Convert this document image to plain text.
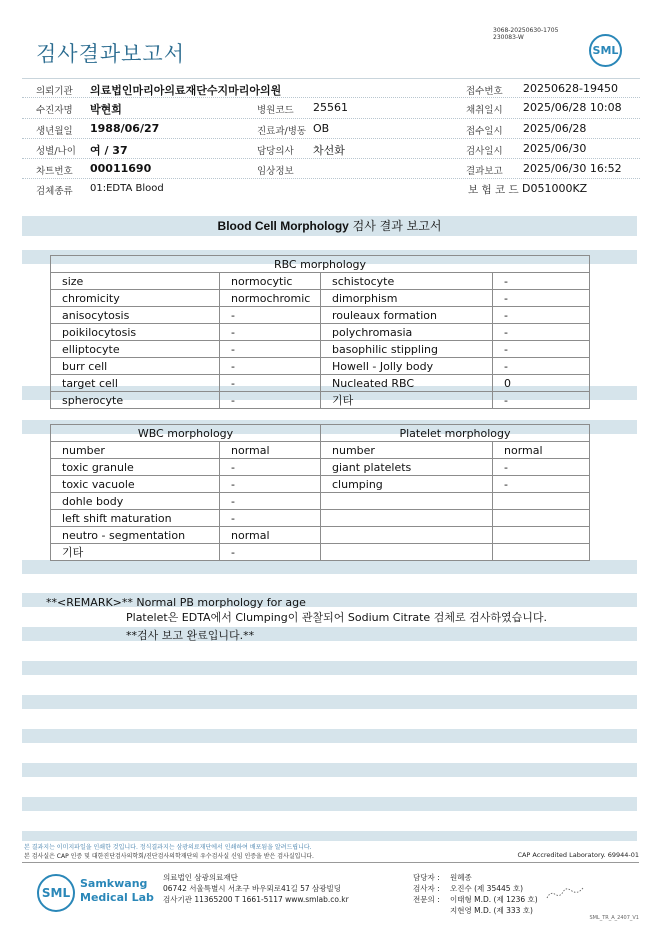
검사결과보고서
3068-20250630-1705
230083-W
SML
의뢰기관 의료법인마리아의료재단수지마리아의원	접수번호 20250628-19450
수진자명 박현희	병원코드 25561	채취일시 2025/06/28 10:08
생년월일 1988/06/27	진료과/병동 OB	접수일시 2025/06/28
성별/나이 여 / 37	담당의사 차선화	검사일시 2025/06/30
차트번호 00011690	임상정보	결과보고 2025/06/30 16:52
검체종류 01:EDTA Blood	보 험 코 드 D051000KZ
Blood Cell Morphology 검사 결과 보고서
RBC morphology			
size	normocytic	schistocyte	-
chromicity	normochromic	dimorphism	-
anisocytosis	-	rouleaux formation	-
poikilocytosis	-	polychromasia	-
elliptocyte	-	basophilic stippling	-
burr cell	-	Howell - Jolly body	-
target cell	-	Nucleated RBC	0
spherocyte	-	기타	-
WBC morphology		Platelet morphology	
number	normal	number	normal
toxic granule	-	giant platelets	-
toxic vacuole	-	clumping	-
dohle body	-		
left shift maturation	-		
neutro - segmentation	normal		
기타	-		
**<REMARK>** Normal PB morphology for age
Platelet은 EDTA에서 Clumping이 관찰되어 Sodium Citrate 검체로 검사하였습니다.
**검사 보고 완료입니다.**
본 결과지는 이미지파일을 인쇄한 것입니다. 정식결과지는 삼광의료재단에서 인쇄하여 배포됨을 알려드립니다.
본 검사실은 CAP 인증 및 대한진단검사의학회/진단검사의학재단의 우수검사실 신임 인증을 받은 검사실입니다.	CAP Accredited Laboratory. 69944-01
SML
Samkwang
Medical Lab
의료법인 삼광의료재단
06742 서울특별시 서초구 바우뫼로41길 57 삼광빌딩
검사기관 11365200 T 1661-5117 www.smlab.co.kr
담당자 : 원혜종
검사자 : 오진수 (제 35445 호)
전문의 : 이태형 M.D. (제 1236 호)
지현영 M.D. (제 333 호)
SML_TR_A_2407_V1
